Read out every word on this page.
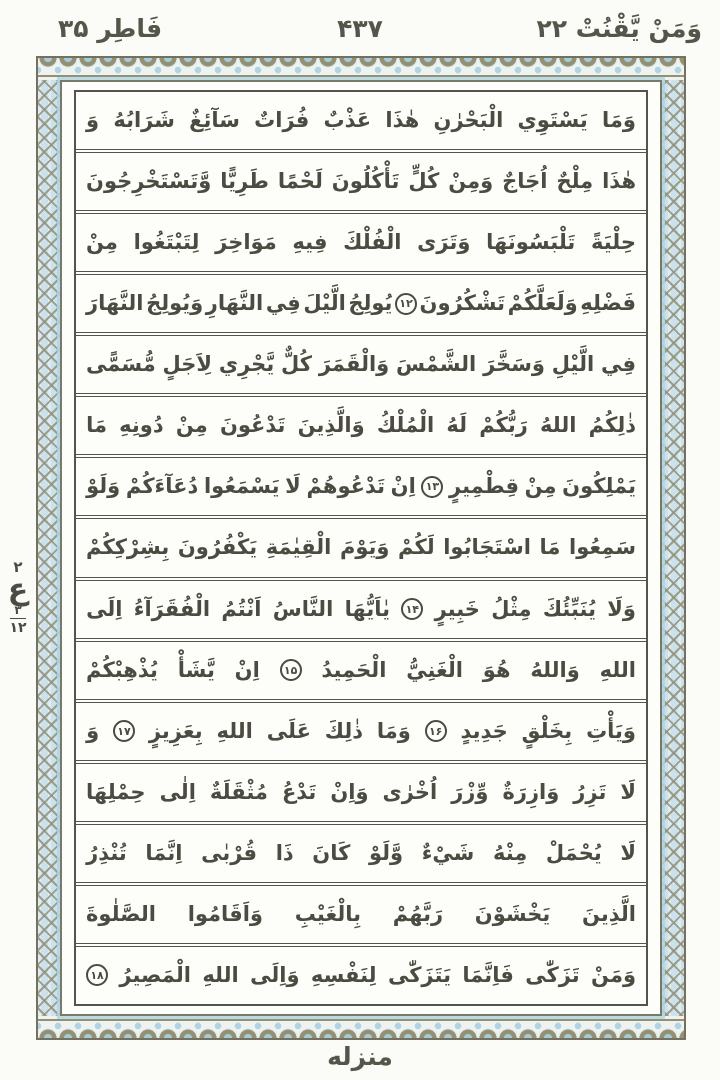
وَمَنْ يَّقْنُتْ ۲۲
۴۳۷
فَاطِر ۳۵
۲
ع
۳
۱۲
وَمَا
يَسْتَوِي
الْبَحْرٰنِ
هٰذَا
عَذْبٌ
فُرَاتٌ
سَآئِغٌ
شَرَابُهُ
وَ
هٰذَا
مِلْحٌ
اُجَاجٌ
وَمِنْ
كُلٍّ
تَأْكُلُونَ
لَحْمًا
طَرِيًّا
وَّتَسْتَخْرِجُونَ
حِلْيَةً
تَلْبَسُونَهَا
وَتَرَى
الْفُلْكَ
فِيهِ
مَوَاخِرَ
لِتَبْتَغُوا
مِنْ
فَضْلِهِ
وَلَعَلَّكُمْ
تَشْكُرُونَ
۱۲
يُولِجُ
الَّيْلَ
فِي
النَّهَارِ
وَيُولِجُ
النَّهَارَ
فِي
الَّيْلِ
وَسَخَّرَ
الشَّمْسَ
وَالْقَمَرَ
كُلٌّ
يَّجْرِي
لِاَجَلٍ
مُّسَمًّى
ذٰلِكُمُ
اللهُ
رَبُّكُمْ
لَهُ
الْمُلْكُ
وَالَّذِينَ
تَدْعُونَ
مِنْ
دُونِهِ
مَا
يَمْلِكُونَ
مِنْ
قِطْمِيرٍ
۱۳
اِنْ
تَدْعُوهُمْ
لَا
يَسْمَعُوا
دُعَآءَكُمْ
وَلَوْ
سَمِعُوا
مَا
اسْتَجَابُوا
لَكُمْ
وَيَوْمَ
الْقِيٰمَةِ
يَكْفُرُونَ
بِشِرْكِكُمْ
وَلَا
يُنَبِّئُكَ
مِثْلُ
خَبِيرٍ
۱۴
يٰاَيُّهَا
النَّاسُ
اَنْتُمُ
الْفُقَرَآءُ
اِلَى
اللهِ
وَاللهُ
هُوَ
الْغَنِيُّ
الْحَمِيدُ
۱۵
اِنْ
يَّشَأْ
يُذْهِبْكُمْ
وَيَأْتِ
بِخَلْقٍ
جَدِيدٍ
۱۶
وَمَا
ذٰلِكَ
عَلَى
اللهِ
بِعَزِيزٍ
۱۷
وَ
لَا
تَزِرُ
وَازِرَةٌ
وِّزْرَ
اُخْرٰى
وَاِنْ
تَدْعُ
مُثْقَلَةٌ
اِلٰى
حِمْلِهَا
لَا
يُحْمَلْ
مِنْهُ
شَيْءٌ
وَّلَوْ
كَانَ
ذَا
قُرْبٰى
اِنَّمَا
تُنْذِرُ
الَّذِينَ
يَخْشَوْنَ
رَبَّهُمْ
بِالْغَيْبِ
وَاَقَامُوا
الصَّلٰوةَ
وَمَنْ
تَزَكّٰى
فَاِنَّمَا
يَتَزَكّٰى
لِنَفْسِهِ
وَاِلَى
اللهِ
الْمَصِيرُ
۱۸
منزله
